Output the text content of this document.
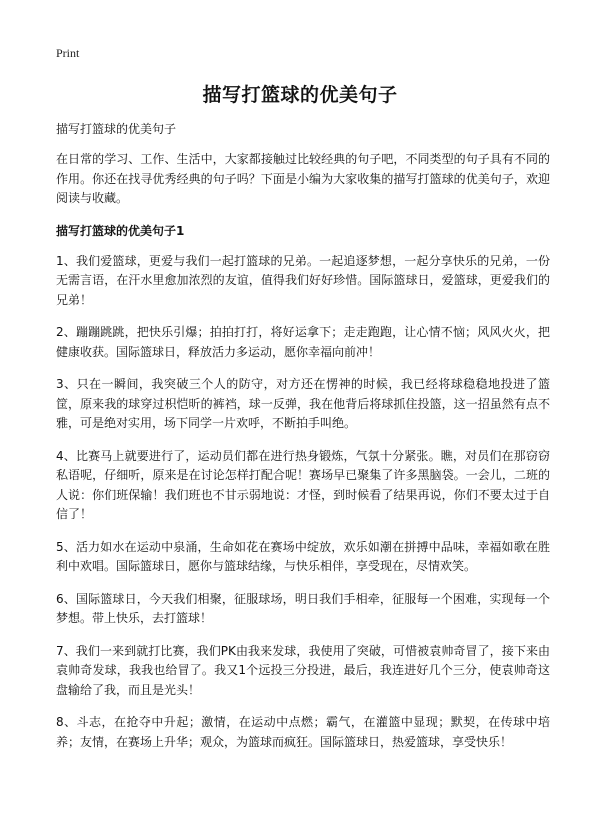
Print
描写打篮球的优美句子

描写打篮球的优美句子

在日常的学习、工作、生活中，大家都接触过比较经典的句子吧，不同类型的句子具有不同的作用。你还在找寻优秀经典的句子吗？下面是小编为大家收集的描写打篮球的优美句子，欢迎阅读与收藏。

描写打篮球的优美句子1

1、我们爱篮球，更爱与我们一起打篮球的兄弟。一起追逐梦想，一起分享快乐的兄弟，一份无需言语，在汗水里愈加浓烈的友谊，值得我们好好珍惜。国际篮球日，爱篮球，更爱我们的兄弟！

2、蹦蹦跳跳，把快乐引爆；拍拍打打，将好运拿下；走走跑跑，让心情不恼；风风火火，把健康收获。国际篮球日，释放活力多运动，愿你幸福向前冲！

3、只在一瞬间，我突破三个人的防守，对方还在愣神的时候，我已经将球稳稳地投进了篮筐，原来我的球穿过枳恺昕的裤裆，球一反弹，我在他背后将球抓住投篮，这一招虽然有点不雅，可是绝对实用，场下同学一片欢呼，不断拍手叫绝。

4、比赛马上就要进行了，运动员们都在进行热身锻炼，气氛十分紧张。瞧，对员们在那窃窃私语呢，仔细听，原来是在讨论怎样打配合呢！赛场早已聚集了许多黑脑袋。一会儿，二班的人说：你们班保输！我们班也不甘示弱地说：才怪，到时候看了结果再说，你们不要太过于自信了！

5、活力如水在运动中泉涌，生命如花在赛场中绽放，欢乐如潮在拼搏中品味，幸福如歌在胜利中欢唱。国际篮球日，愿你与篮球结缘，与快乐相伴，享受现在，尽情欢笑。

6、国际篮球日，今天我们相聚，征服球场，明日我们手相牵，征服每一个困难，实现每一个梦想。带上快乐，去打篮球！

7、我们一来到就打比赛，我们PK由我来发球，我使用了突破，可惜被袁帅奇冒了，接下来由袁帅奇发球，我我也给冒了。我又1个远投三分投进，最后，我连进好几个三分，使袁帅奇这盘输给了我，而且是光头！

8、斗志，在抢夺中升起；激情，在运动中点燃；霸气，在灌篮中显现；默契，在传球中培养；友情，在赛场上升华；观众，为篮球而疯狂。国际篮球日，热爱篮球，享受快乐！
